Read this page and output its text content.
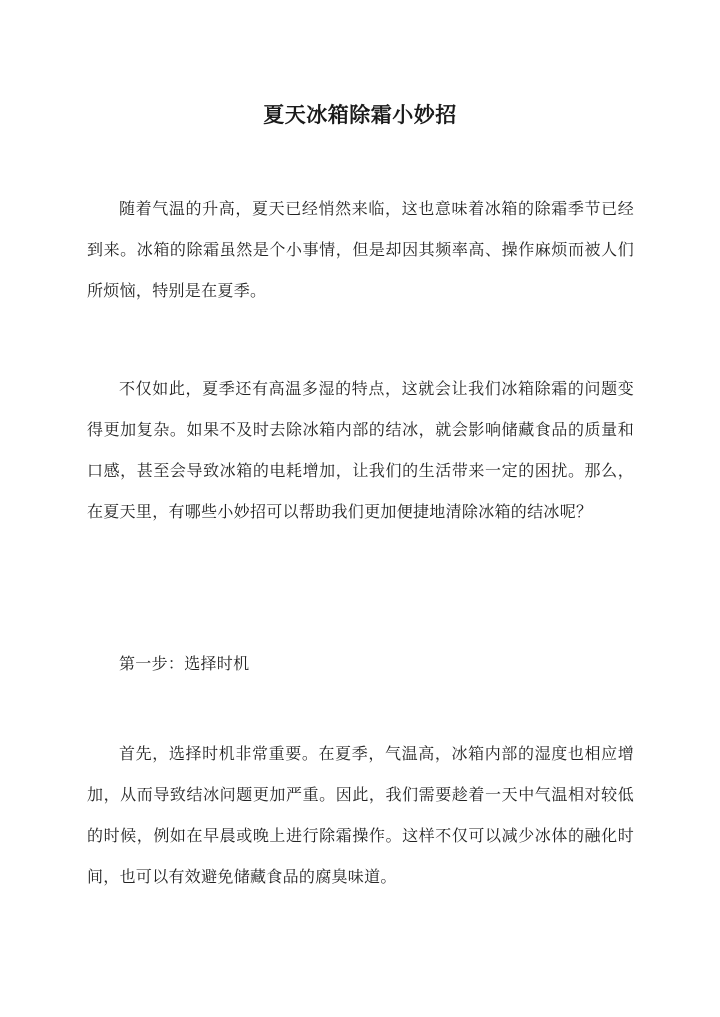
夏天冰箱除霜小妙招

随着气温的升高，夏天已经悄然来临，这也意味着冰箱的除霜季节已经到来。冰箱的除霜虽然是个小事情，但是却因其频率高、操作麻烦而被人们所烦恼，特别是在夏季。

不仅如此，夏季还有高温多湿的特点，这就会让我们冰箱除霜的问题变得更加复杂。如果不及时去除冰箱内部的结冰，就会影响储藏食品的质量和口感，甚至会导致冰箱的电耗增加，让我们的生活带来一定的困扰。那么，在夏天里，有哪些小妙招可以帮助我们更加便捷地清除冰箱的结冰呢？

第一步：选择时机

首先，选择时机非常重要。在夏季，气温高，冰箱内部的湿度也相应增加，从而导致结冰问题更加严重。因此，我们需要趁着一天中气温相对较低的时候，例如在早晨或晚上进行除霜操作。这样不仅可以减少冰体的融化时间，也可以有效避免储藏食品的腐臭味道。
